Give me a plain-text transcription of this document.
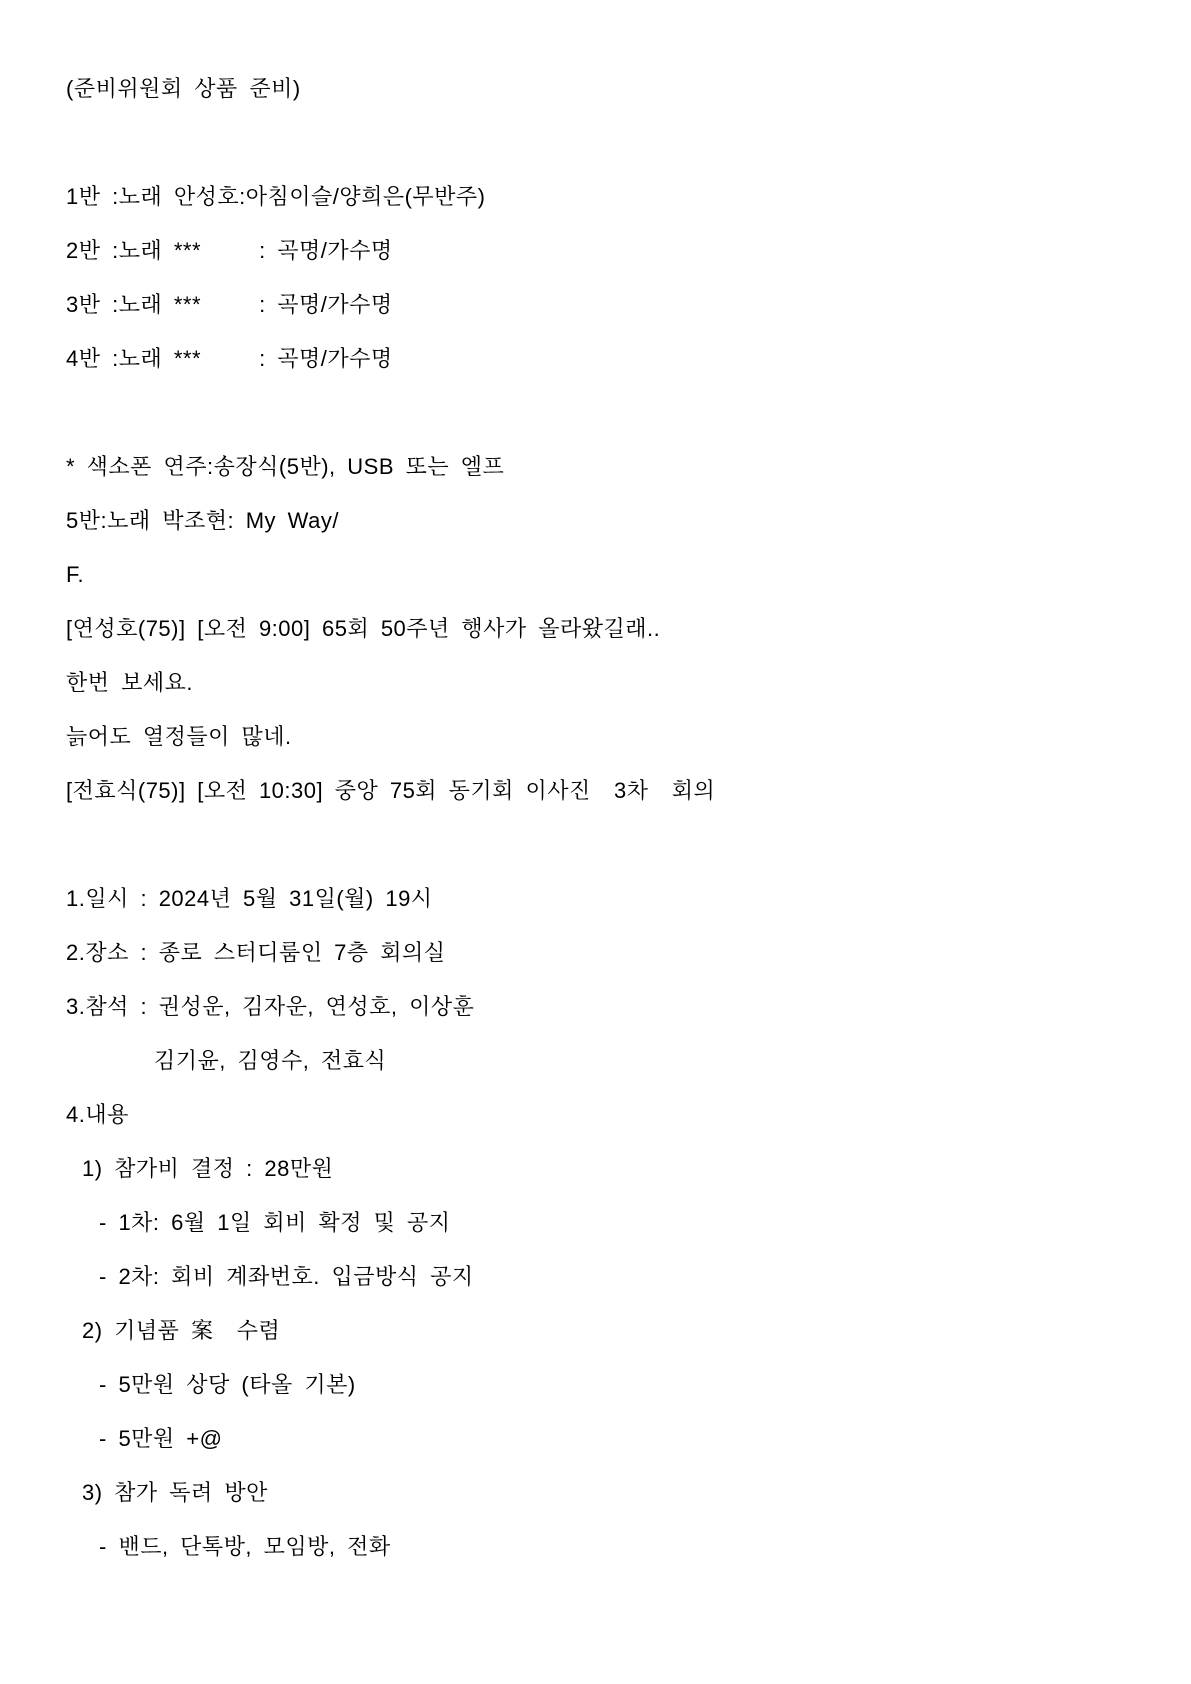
(준비위원회 상품 준비)

1반 :노래 안성호:아침이슬/양희은(무반주)

2반 :노래 ***     : 곡명/가수명

3반 :노래 ***     : 곡명/가수명

4반 :노래 ***     : 곡명/가수명

* 색소폰 연주:송장식(5반), USB 또는 엘프

5반:노래 박조현: My Way/

F.

[연성호(75)] [오전 9:00] 65회 50주년 행사가 올라왔길래..

한번 보세요.

늙어도 열정들이 많네.

[전효식(75)] [오전 10:30] 중앙 75회 동기회 이사진  3차  회의

1.일시 : 2024년 5월 31일(월) 19시

2.장소 : 종로 스터디룸인 7층 회의실

3.참석 : 권성운, 김자운, 연성호, 이상훈

김기윤, 김영수, 전효식

4.내용

1) 참가비 결정 : 28만원

- 1차: 6월 1일 회비 확정 및 공지

- 2차: 회비 계좌번호. 입금방식 공지

2) 기념품 案  수렴

- 5만원 상당 (타올 기본)

- 5만원 +@

3) 참가 독려 방안

- 밴드, 단톡방, 모임방, 전화
